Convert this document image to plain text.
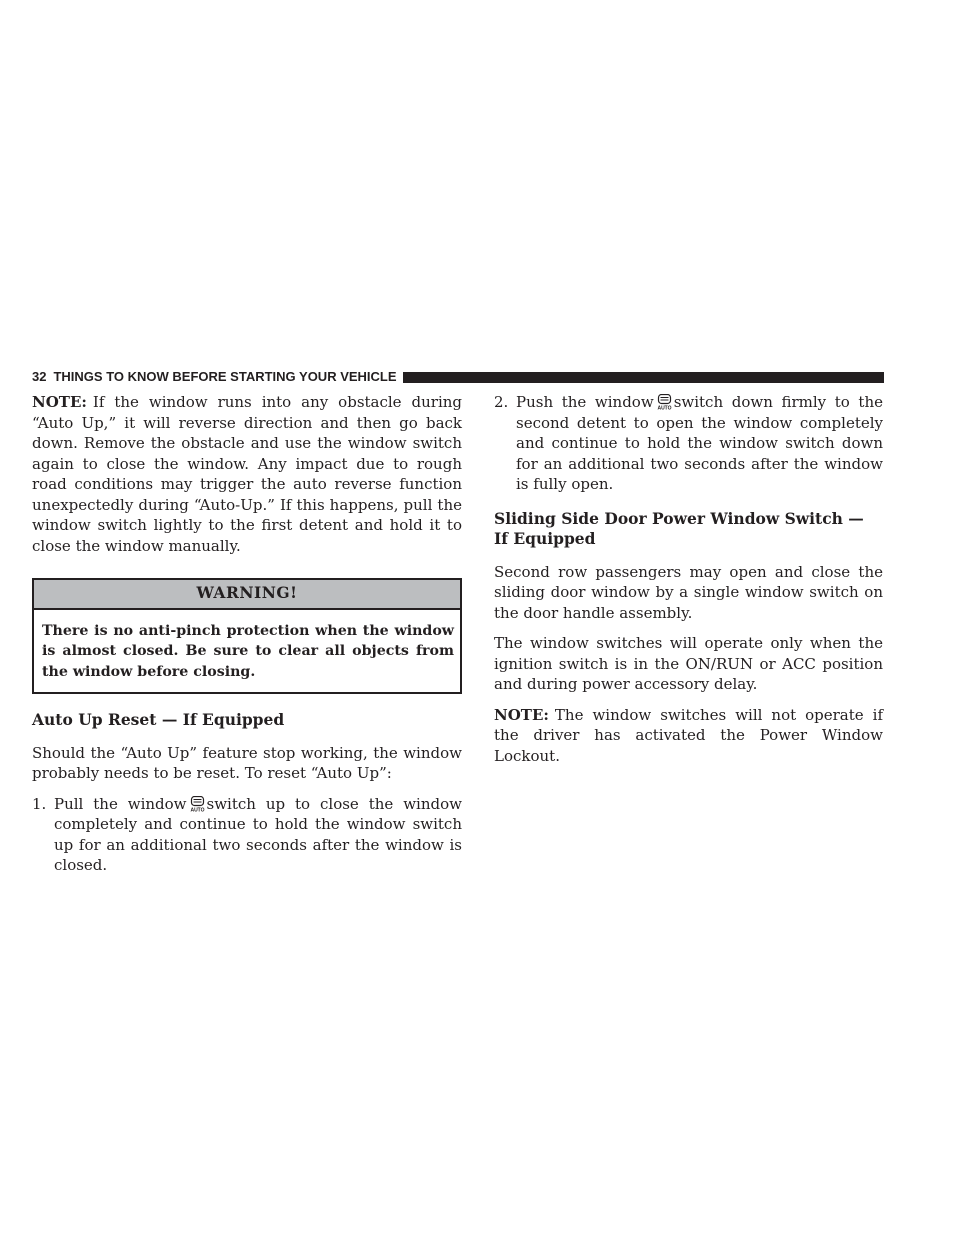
32 THINGS TO KNOW BEFORE STARTING YOUR VEHICLE

NOTE: If the window runs into any obstacle during “Auto Up,” it will reverse direction and then go back down. Remove the obstacle and use the window switch again to close the window. Any impact due to rough road conditions may trigger the auto reverse function unexpectedly during “Auto-Up.” If this happens, pull the window switch lightly to the first detent and hold it to close the window manually.

WARNING!
There is no anti-pinch protection when the window is almost closed. Be sure to clear all objects from the window before closing.
Auto Up Reset — If Equipped

Should the “Auto Up” feature stop working, the window probably needs to be reset. To reset “Auto Up”:

1. Pull the window AUTO switch up to close the window completely and continue to hold the window switch up for an additional two seconds after the window is closed.
2. Push the window AUTO switch down firmly to the second detent to open the window completely and continue to hold the window switch down for an additional two seconds after the window is fully open.
Sliding Side Door Power Window Switch — If Equipped

Second row passengers may open and close the sliding door window by a single window switch on the door handle assembly.

The window switches will operate only when the ignition switch is in the ON/RUN or ACC position and during power accessory delay.

NOTE: The window switches will not operate if the driver has activated the Power Window Lockout.
